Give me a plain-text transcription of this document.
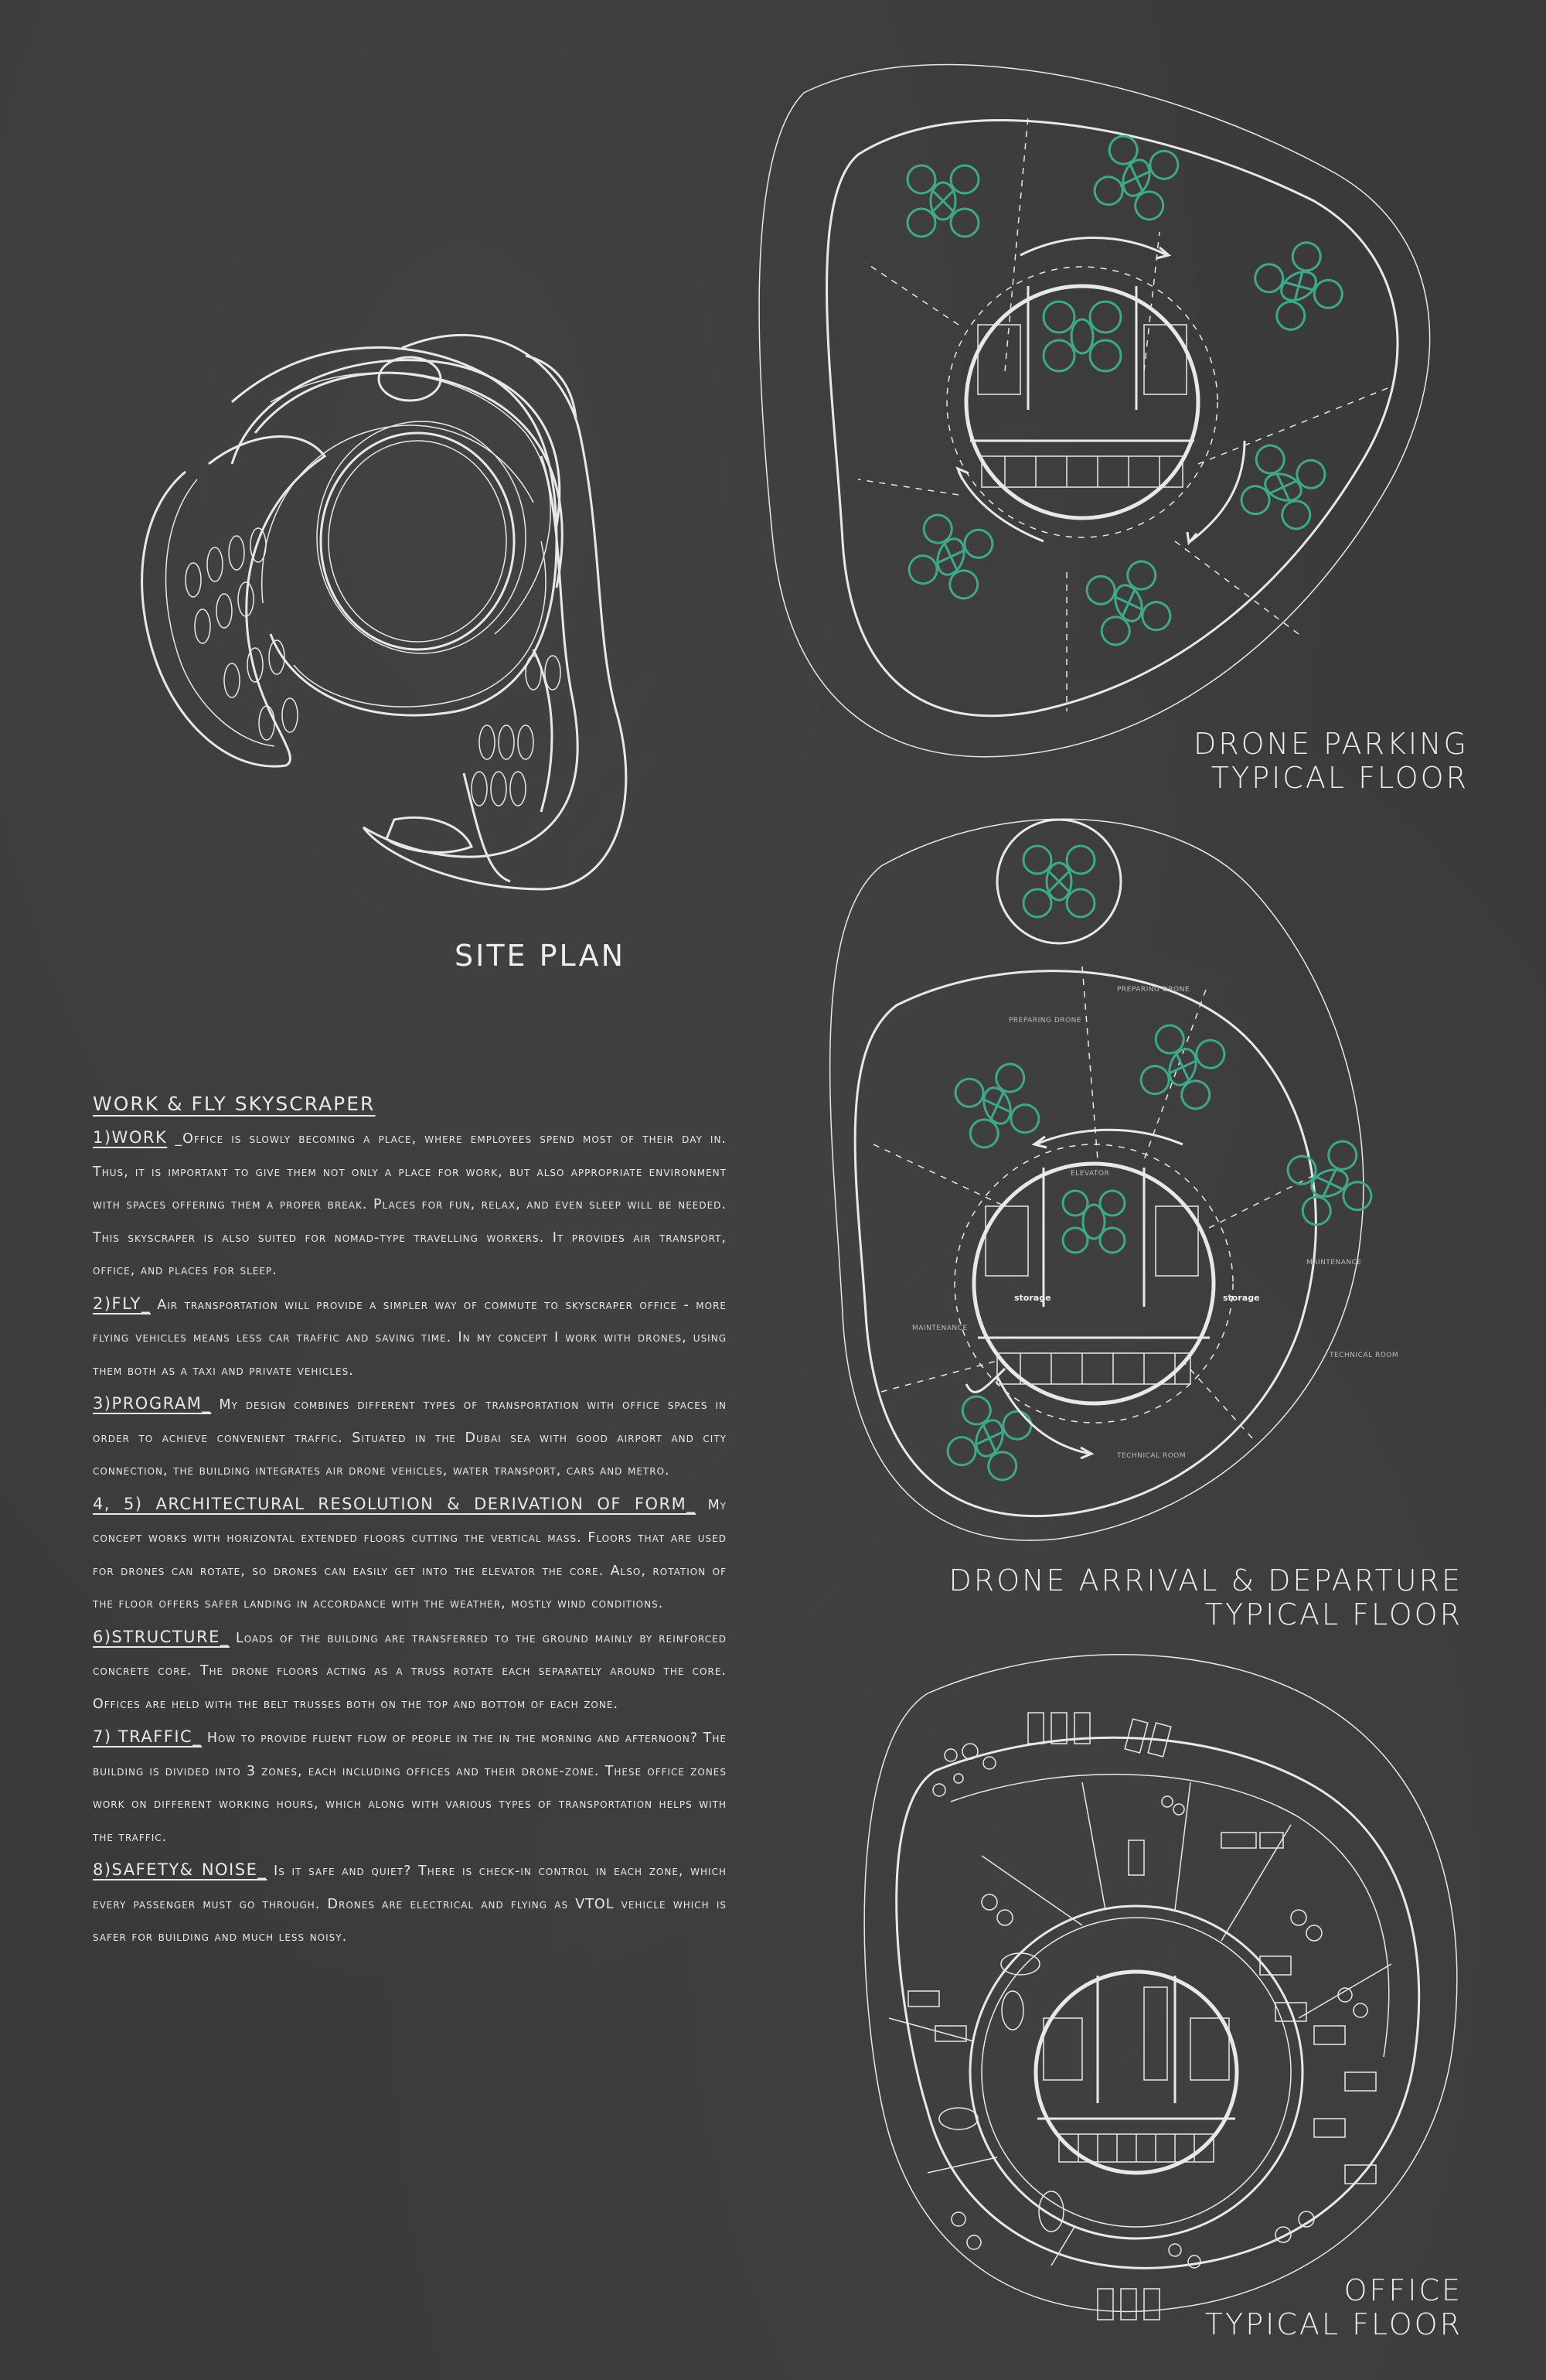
SITE PLAN
DRONE PARKING
TYPICAL FLOOR
PREPARING DRONE
PREPARING DRONE
ELEVATOR
MAINTENANCE
MAINTENANCE
TECHNICAL ROOM
TECHNICAL ROOM
storage	storage
DRONE ARRIVAL & DEPARTURE
TYPICAL FLOOR
OFFICE
TYPICAL FLOOR
WORK & FLY SKYSCRAPER

1)WORK _Office is slowly becoming a place, where employees spend most of their day in. Thus, it is important to give them not only a place for work, but also appropriate environment with spaces offering them a proper break. Places for fun, relax, and even sleep will be needed. This skyscraper is also suited for nomad-type travelling workers. It provides air transport, office, and places for sleep.

2)FLY_ Air transportation will provide a simpler way of commute to skyscraper office - more flying vehicles means less car traffic and saving time. In my concept I work with drones, using them both as a taxi and private vehicles.

3)PROGRAM_ My design combines different types of transportation with office spaces in order to achieve convenient traffic. Situated in the Dubai sea with good airport and city connection, the building integrates air drone vehicles, water transport, cars and metro.

4, 5) ARCHITECTURAL RESOLUTION & DERIVATION OF FORM_ My concept works with horizontal extended floors cutting the vertical mass. Floors that are used for drones can rotate, so drones can easily get into the elevator the core. Also, rotation of the floor offers safer landing in accordance with the weather, mostly wind conditions.

6)STRUCTURE_ Loads of the building are transferred to the ground mainly by reinforced concrete core. The drone floors acting as a truss rotate each separately around the core. Offices are held with the belt trusses both on the top and bottom of each zone.

7) TRAFFIC_ How to provide fluent flow of people in the in the morning and afternoon? The building is divided into 3 zones, each including offices and their drone-zone. These office zones work on different working hours, which along with various types of transportation helps with the traffic.

8)SAFETY& NOISE_ Is it safe and quiet? There is check-in control in each zone, which every passenger must go through. Drones are electrical and flying as VTOL vehicle which is safer for building and much less noisy.
